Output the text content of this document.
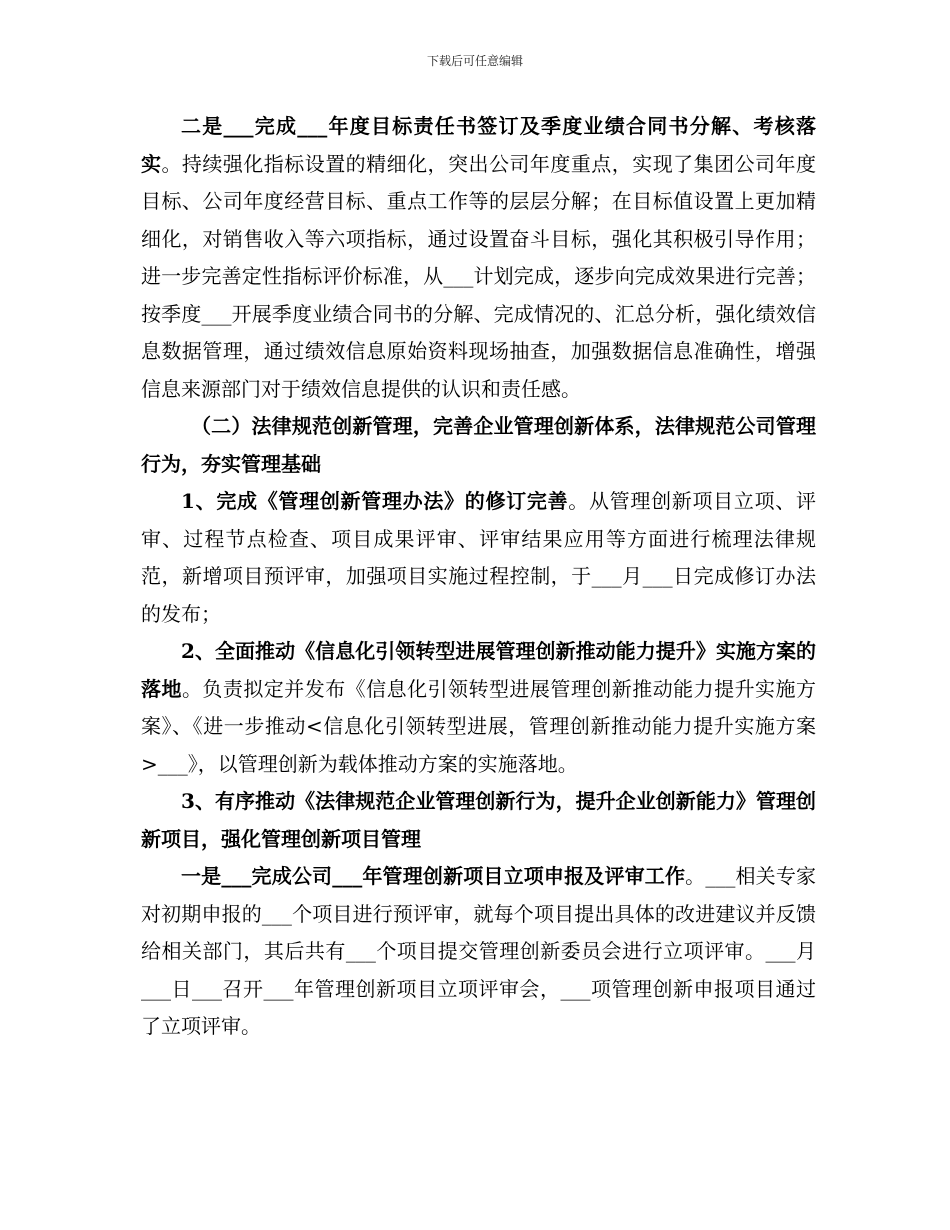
下载后可任意编辑

二是___完成___年度目标责任书签订及季度业绩合同书分解、考核落实。持续强化指标设置的精细化，突出公司年度重点，实现了集团公司年度目标、公司年度经营目标、重点工作等的层层分解；在目标值设置上更加精细化，对销售收入等六项指标，通过设置奋斗目标，强化其积极引导作用；进一步完善定性指标评价标准，从___计划完成，逐步向完成效果进行完善；按季度___开展季度业绩合同书的分解、完成情况的、汇总分析，强化绩效信息数据管理，通过绩效信息原始资料现场抽查，加强数据信息准确性，增强信息来源部门对于绩效信息提供的认识和责任感。

（二）法律规范创新管理，完善企业管理创新体系，法律规范公司管理行为，夯实管理基础

1、完成《管理创新管理办法》的修订完善。从管理创新项目立项、评审、过程节点检查、项目成果评审、评审结果应用等方面进行梳理法律规范，新增项目预评审，加强项目实施过程控制，于___月___日完成修订办法的发布；

2、全面推动《信息化引领转型进展管理创新推动能力提升》实施方案的落地。负责拟定并发布《信息化引领转型进展管理创新推动能力提升实施方案》、《进一步推动<信息化引领转型进展，管理创新推动能力提升实施方案>___》，以管理创新为载体推动方案的实施落地。

3、有序推动《法律规范企业管理创新行为，提升企业创新能力》管理创新项目，强化管理创新项目管理

一是___完成公司___年管理创新项目立项申报及评审工作。___相关专家对初期申报的___个项目进行预评审，就每个项目提出具体的改进建议并反馈给相关部门，其后共有___个项目提交管理创新委员会进行立项评审。___月___日___召开___年管理创新项目立项评审会，___项管理创新申报项目通过了立项评审。
